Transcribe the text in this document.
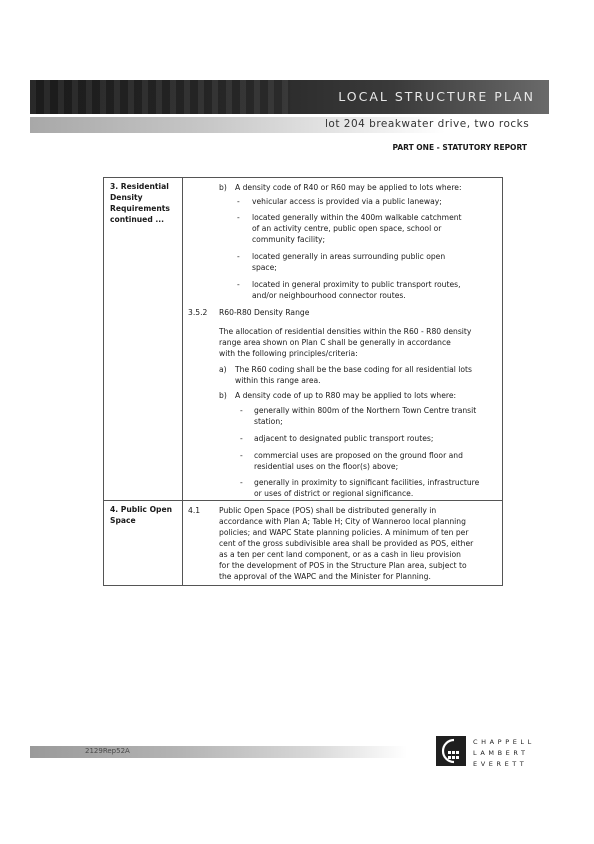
LOCAL STRUCTURE PLAN
lot 204 breakwater drive, two rocks
PART ONE - STATUTORY REPORT
3. Residential
Density
Requirements
continued ...
b) A density code of R40 or R60 may be applied to lots where:
- vehicular access is provided via a public laneway;
- located generally within the 400m walkable catchment
of an activity centre, public open space, school or
community facility;
- located generally in areas surrounding public open
space;
- located in general proximity to public transport routes,
and/or neighbourhood connector routes.
3.5.2 R60-R80 Density Range
The allocation of residential densities within the R60 - R80 density
range area shown on Plan C shall be generally in accordance
with the following principles/criteria:
a) The R60 coding shall be the base coding for all residential lots
within this range area.
b) A density code of up to R80 may be applied to lots where:
- generally within 800m of the Northern Town Centre transit
station;
- adjacent to designated public transport routes;
- commercial uses are proposed on the ground floor and
residential uses on the floor(s) above;
- generally in proximity to significant facilities, infrastructure
or uses of district or regional significance.
4. Public Open
Space
4.1 Public Open Space (POS) shall be distributed generally in
accordance with Plan A; Table H; City of Wanneroo local planning
policies; and WAPC State planning policies. A minimum of ten per
cent of the gross subdivisible area shall be provided as POS, either
as a ten per cent land component, or as a cash in lieu provision
for the development of POS in the Structure Plan area, subject to
the approval of the WAPC and the Minister for Planning.
2129Rep52A
CHAPPELL
LAMBERT
EVERETT
